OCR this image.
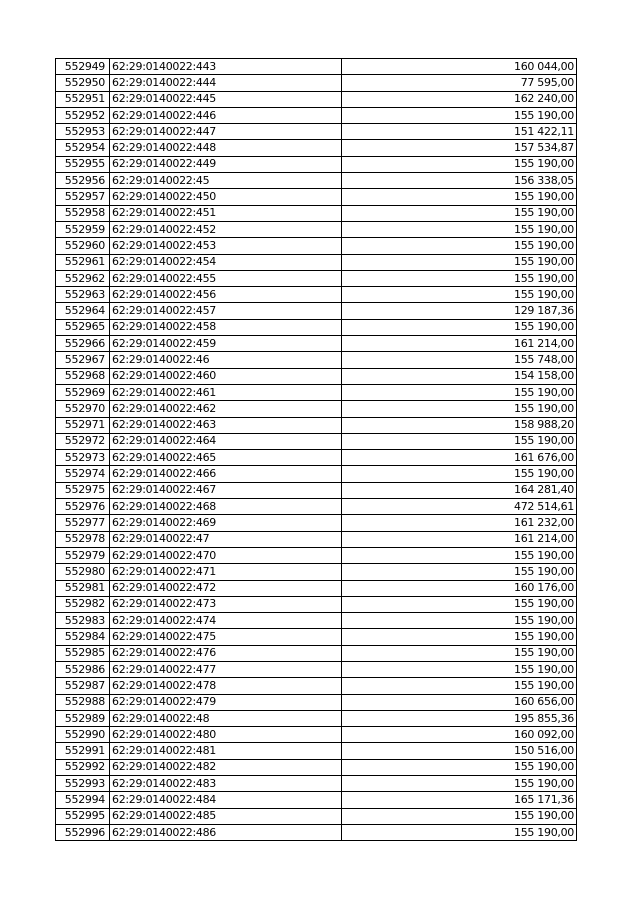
552949	62:29:0140022:443	160 044,00
552950	62:29:0140022:444	77 595,00
552951	62:29:0140022:445	162 240,00
552952	62:29:0140022:446	155 190,00
552953	62:29:0140022:447	151 422,11
552954	62:29:0140022:448	157 534,87
552955	62:29:0140022:449	155 190,00
552956	62:29:0140022:45	156 338,05
552957	62:29:0140022:450	155 190,00
552958	62:29:0140022:451	155 190,00
552959	62:29:0140022:452	155 190,00
552960	62:29:0140022:453	155 190,00
552961	62:29:0140022:454	155 190,00
552962	62:29:0140022:455	155 190,00
552963	62:29:0140022:456	155 190,00
552964	62:29:0140022:457	129 187,36
552965	62:29:0140022:458	155 190,00
552966	62:29:0140022:459	161 214,00
552967	62:29:0140022:46	155 748,00
552968	62:29:0140022:460	154 158,00
552969	62:29:0140022:461	155 190,00
552970	62:29:0140022:462	155 190,00
552971	62:29:0140022:463	158 988,20
552972	62:29:0140022:464	155 190,00
552973	62:29:0140022:465	161 676,00
552974	62:29:0140022:466	155 190,00
552975	62:29:0140022:467	164 281,40
552976	62:29:0140022:468	472 514,61
552977	62:29:0140022:469	161 232,00
552978	62:29:0140022:47	161 214,00
552979	62:29:0140022:470	155 190,00
552980	62:29:0140022:471	155 190,00
552981	62:29:0140022:472	160 176,00
552982	62:29:0140022:473	155 190,00
552983	62:29:0140022:474	155 190,00
552984	62:29:0140022:475	155 190,00
552985	62:29:0140022:476	155 190,00
552986	62:29:0140022:477	155 190,00
552987	62:29:0140022:478	155 190,00
552988	62:29:0140022:479	160 656,00
552989	62:29:0140022:48	195 855,36
552990	62:29:0140022:480	160 092,00
552991	62:29:0140022:481	150 516,00
552992	62:29:0140022:482	155 190,00
552993	62:29:0140022:483	155 190,00
552994	62:29:0140022:484	165 171,36
552995	62:29:0140022:485	155 190,00
552996	62:29:0140022:486	155 190,00
